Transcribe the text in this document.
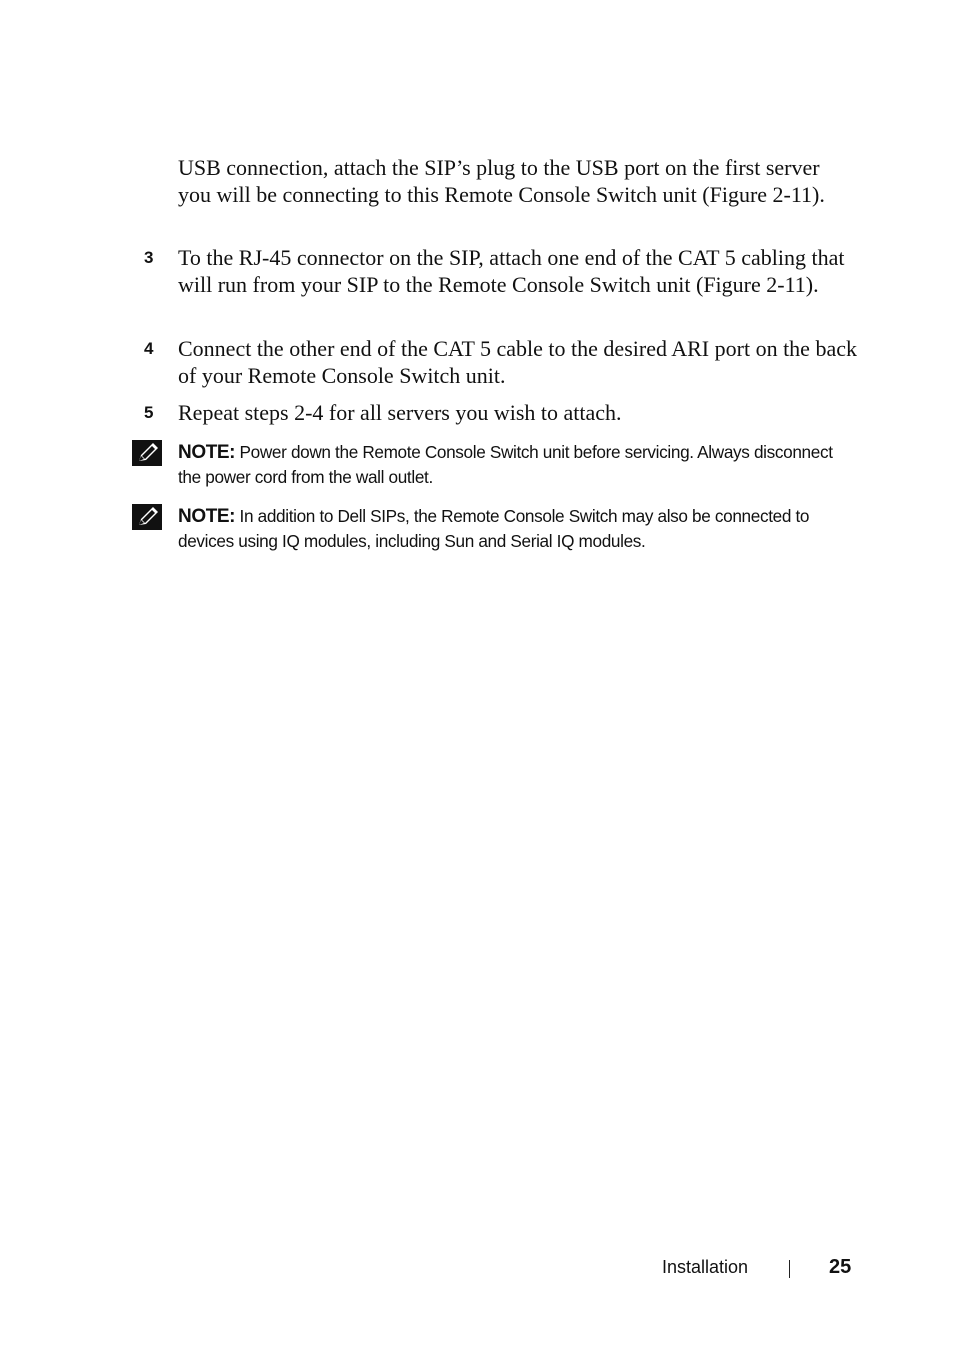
USB connection, attach the SIP’s plug to the USB port on the first server you will be connecting to this Remote Console Switch unit (Figure 2-11).

3 To the RJ-45 connector on the SIP, attach one end of the CAT 5 cabling that will run from your SIP to the Remote Console Switch unit (Figure 2-11).

4 Connect the other end of the CAT 5 cable to the desired ARI port on the back of your Remote Console Switch unit.

5 Repeat steps 2-4 for all servers you wish to attach.

NOTE: Power down the Remote Console Switch unit before servicing. Always disconnect the power cord from the wall outlet.

NOTE: In addition to Dell SIPs, the Remote Console Switch may also be connected to devices using IQ modules, including Sun and Serial IQ modules.

Installation	25
